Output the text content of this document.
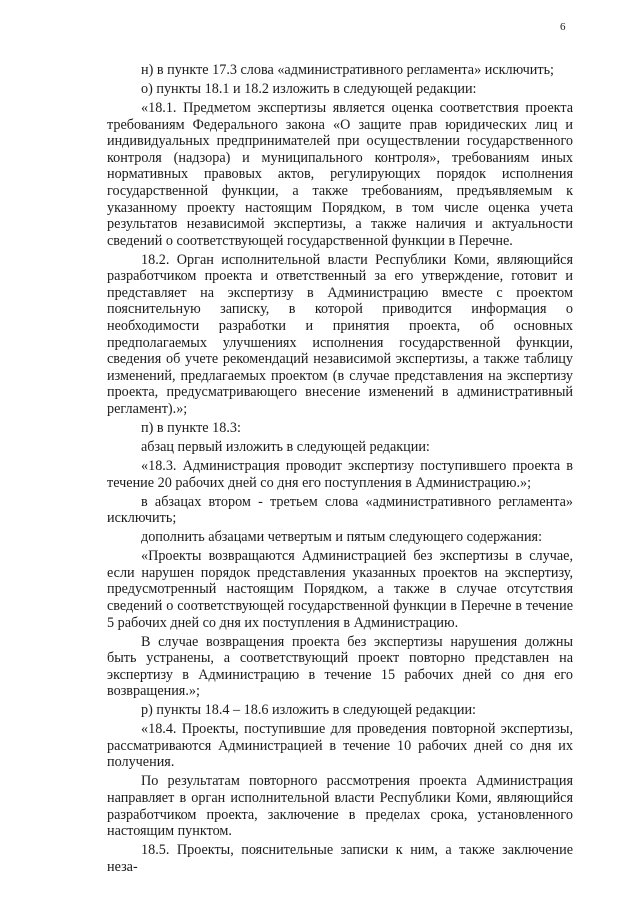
6

н) в пункте 17.3 слова «административного регламента» исключить;

о) пункты 18.1 и 18.2 изложить в следующей редакции:

«18.1. Предметом экспертизы является оценка соответствия проекта требованиям Федерального закона «О защите прав юридических лиц и индивидуальных предпринимателей при осуществлении государственного контроля (надзора) и муниципального контроля», требованиям иных нормативных правовых актов, регулирующих порядок исполнения государственной функции, а также требованиям, предъявляемым к указанному проекту настоящим Порядком, в том числе оценка учета результатов независимой экспертизы, а также наличия и актуальности сведений о соответствующей государственной функции в Перечне.

18.2. Орган исполнительной власти Республики Коми, являющийся разработчиком проекта и ответственный за его утверждение, готовит и представляет на экспертизу в Администрацию вместе с проектом пояснительную записку, в которой приводится информация о необходимости разработки и принятия проекта, об основных предполагаемых улучшениях исполнения государственной функции, сведения об учете рекомендаций независимой экспертизы, а также таблицу изменений, предлагаемых проектом (в случае представления на экспертизу проекта, предусматривающего внесение изменений в административный регламент).»;

п) в пункте 18.3:

абзац первый изложить в следующей редакции:

«18.3. Администрация проводит экспертизу поступившего проекта в течение 20 рабочих дней со дня его поступления в Администрацию.»;

в абзацах втором - третьем слова «административного регламента» исключить;

дополнить абзацами четвертым и пятым следующего содержания:

«Проекты возвращаются Администрацией без экспертизы в случае, если нарушен порядок представления указанных проектов на экспертизу, предусмотренный настоящим Порядком, а также в случае отсутствия сведений о соответствующей государственной функции в Перечне в течение 5 рабочих дней со дня их поступления в Администрацию.

В случае возвращения проекта без экспертизы нарушения должны быть устранены, а соответствующий проект повторно представлен на экспертизу в Администрацию в течение 15 рабочих дней со дня его возвращения.»;

р) пункты 18.4 – 18.6 изложить в следующей редакции:

«18.4. Проекты, поступившие для проведения повторной экспертизы, рассматриваются Администрацией в течение 10 рабочих дней со дня их получения.

По результатам повторного рассмотрения проекта Администрация направляет в орган исполнительной власти Республики Коми, являющийся разработчиком проекта, заключение в пределах срока, установленного настоящим пунктом.

18.5. Проекты, пояснительные записки к ним, а также заключение неза-
